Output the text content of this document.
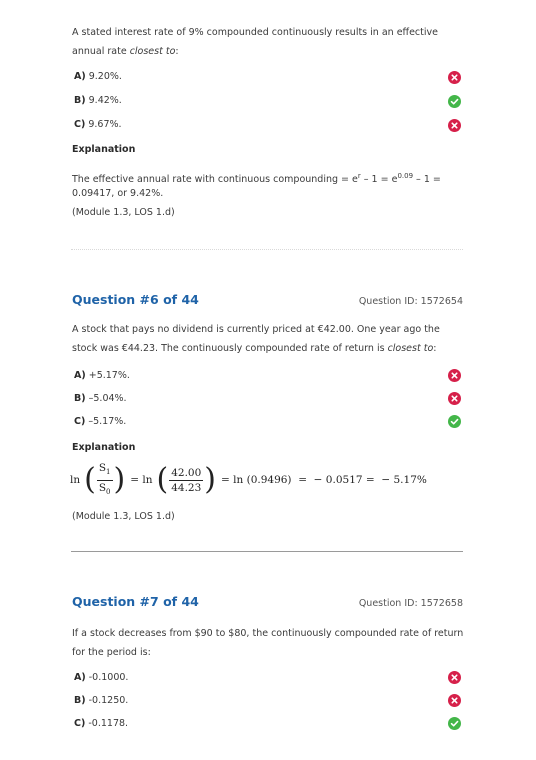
A stated interest rate of 9% compounded continuously results in an effective annual rate closest to:
A) 9.20%.
B) 9.42%.
C) 9.67%.
Explanation
The effective annual rate with continuous compounding = $e^r - 1 = e^{0.09} - 1 = 0.09417$, or 9.42%.
(Module 1.3, LOS 1.d)
Question #6 of 44	Question ID: 1572654
A stock that pays no dividend is currently priced at €42.00. One year ago the stock was €44.23. The continuously compounded rate of return is closest to:
A) +5.17%.
B) –5.04%.
C) –5.17%.
Explanation
ln ( $S_1$
$S_0$ ) = ln ( 42.00
44.23 ) = ln (0.9496)  =  − 0.0517 =  − 5.17%
(Module 1.3, LOS 1.d)
Question #7 of 44	Question ID: 1572658
If a stock decreases from $90 to $80, the continuously compounded rate of return for the period is:
A) -0.1000.
B) -0.1250.
C) -0.1178.
